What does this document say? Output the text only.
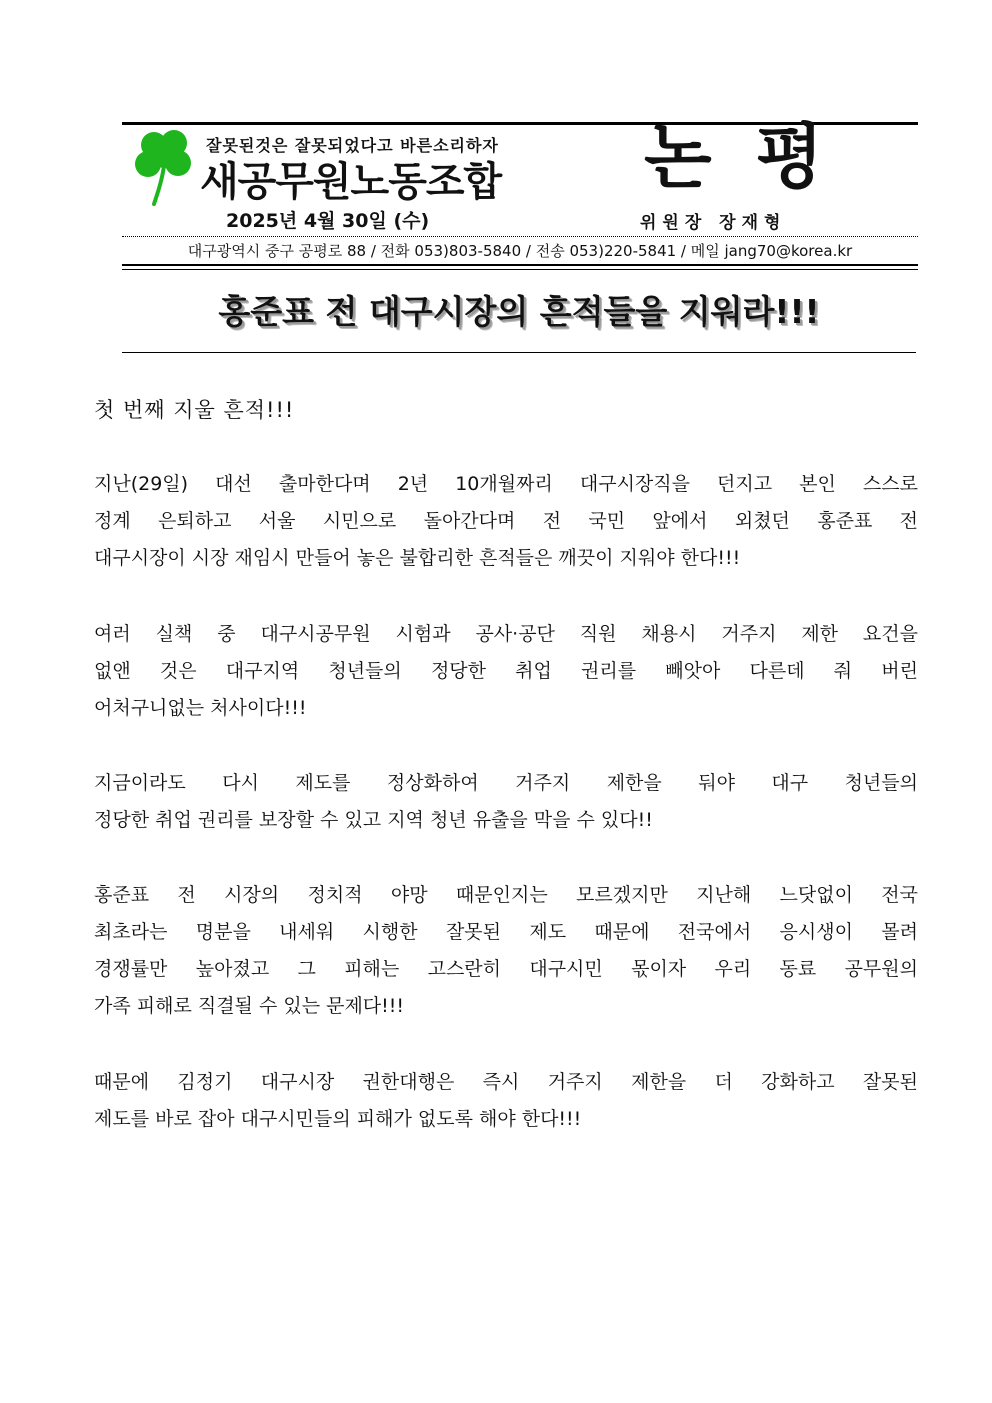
잘못된것은 잘못되었다고 바른소리하자
새공무원노동조합 논평
2025년 4월 30일 (수)	위원장 장재형
대구광역시 중구 공평로 88 / 전화 053)803-5840 / 전송 053)220-5841 / 메일 jang70@korea.kr
홍준표 전 대구시장의 흔적들을 지워라!!!
첫 번째 지울 흔적!!!
지난(29일) 대선 출마한다며 2년 10개월짜리 대구시장직을 던지고 본인 스스로
정계 은퇴하고 서울 시민으로 돌아간다며 전 국민 앞에서 외쳤던 홍준표 전
대구시장이 시장 재임시 만들어 놓은 불합리한 흔적들은 깨끗이 지워야 한다!!!
여러 실책 중 대구시공무원 시험과 공사·공단 직원 채용시 거주지 제한 요건을
없앤 것은 대구지역 청년들의 정당한 취업 권리를 빼앗아 다른데 줘 버린
어처구니없는 처사이다!!!
지금이라도 다시 제도를 정상화하여 거주지 제한을 둬야 대구 청년들의
정당한 취업 권리를 보장할 수 있고 지역 청년 유출을 막을 수 있다!!
홍준표 전 시장의 정치적 야망 때문인지는 모르겠지만 지난해 느닷없이 전국
최초라는 명분을 내세워 시행한 잘못된 제도 때문에 전국에서 응시생이 몰려
경쟁률만 높아졌고 그 피해는 고스란히 대구시민 몫이자 우리 동료 공무원의
가족 피해로 직결될 수 있는 문제다!!!
때문에 김정기 대구시장 권한대행은 즉시 거주지 제한을 더 강화하고 잘못된
제도를 바로 잡아 대구시민들의 피해가 없도록 해야 한다!!!
